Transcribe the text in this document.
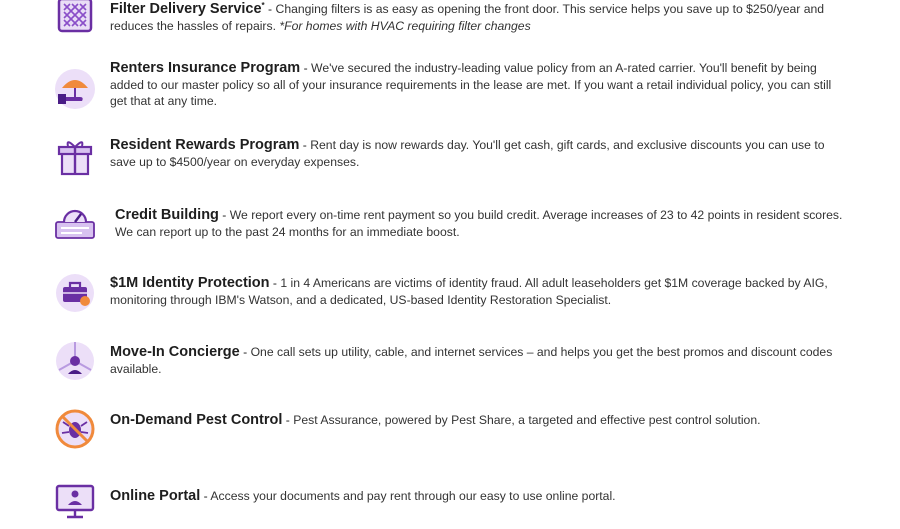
Filter Delivery Service* - Changing filters is as easy as opening the front door. This service helps you save up to $250/year and reduces the hassles of repairs. *For homes with HVAC requiring filter changes
Renters Insurance Program - We've secured the industry-leading value policy from an A-rated carrier. You'll benefit by being added to our master policy so all of your insurance requirements in the lease are met. If you want a retail individual policy, you can still get that at any time.
Resident Rewards Program - Rent day is now rewards day. You'll get cash, gift cards, and exclusive discounts you can use to save up to $4500/year on everyday expenses.
Credit Building - We report every on-time rent payment so you build credit. Average increases of 23 to 42 points in resident scores. We can report up to the past 24 months for an immediate boost.
$1M Identity Protection - 1 in 4 Americans are victims of identity fraud. All adult leaseholders get $1M coverage backed by AIG, monitoring through IBM's Watson, and a dedicated, US-based Identity Restoration Specialist.
Move-In Concierge - One call sets up utility, cable, and internet services – and helps you get the best promos and discount codes available.
On-Demand Pest Control - Pest Assurance, powered by Pest Share, a targeted and effective pest control solution.
Online Portal - Access your documents and pay rent through our easy to use online portal.
